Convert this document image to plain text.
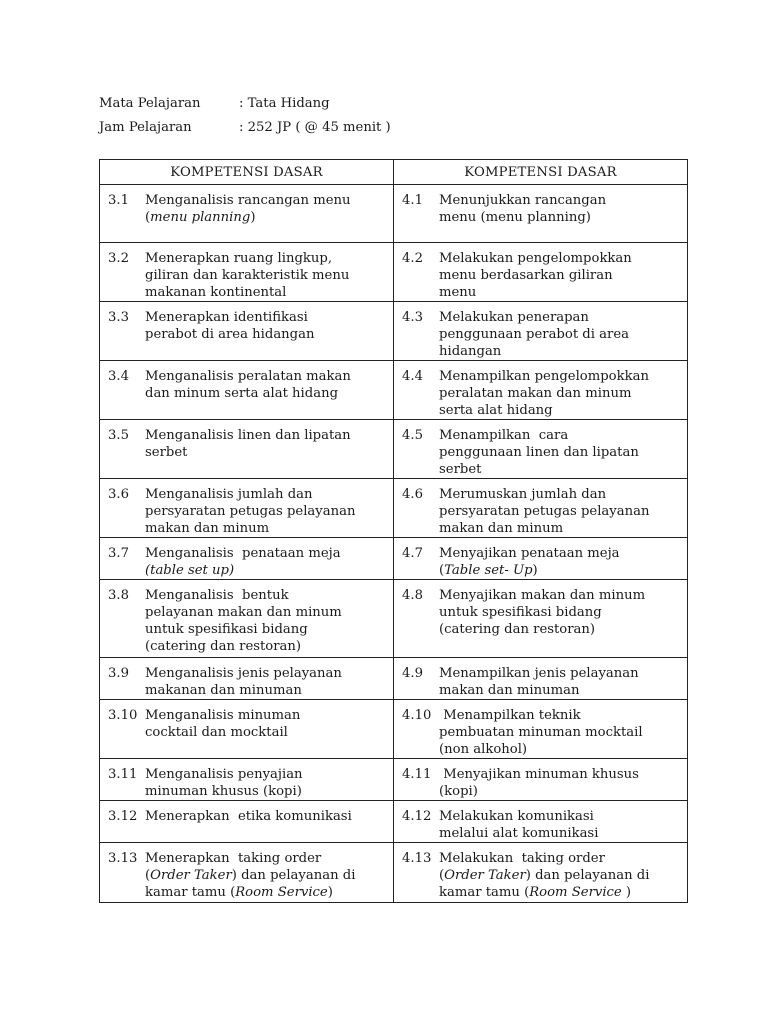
Mata Pelajaran	: Tata Hidang
Jam Pelajaran	: 252 JP ( @ 45 menit )
KOMPETENSI DASAR	KOMPETENSI DASAR

3.1 Menganalisis rancangan menu
(menu planning)	4.1 Menunjukkan rancangan
menu (menu planning)

3.2 Menerapkan ruang lingkup,
giliran dan karakteristik menu
makanan kontinental	4.2 Melakukan pengelompokkan
menu berdasarkan giliran
menu

3.3 Menerapkan identifikasi
perabot di area hidangan	4.3 Melakukan penerapan
penggunaan perabot di area
hidangan

3.4 Menganalisis peralatan makan
dan minum serta alat hidang	4.4 Menampilkan pengelompokkan
peralatan makan dan minum
serta alat hidang

3.5 Menganalisis linen dan lipatan
serbet	4.5 Menampilkan  cara
penggunaan linen dan lipatan
serbet

3.6 Menganalisis jumlah dan
persyaratan petugas pelayanan
makan dan minum	4.6 Merumuskan jumlah dan
persyaratan petugas pelayanan
makan dan minum

3.7 Menganalisis  penataan meja
(table set up)	4.7 Menyajikan penataan meja
(Table set- Up)

3.8 Menganalisis  bentuk
pelayanan makan dan minum
untuk spesifikasi bidang
(catering dan restoran)	4.8 Menyajikan makan dan minum
untuk spesifikasi bidang
(catering dan restoran)

3.9 Menganalisis jenis pelayanan
makanan dan minuman	4.9 Menampilkan jenis pelayanan
makan dan minuman

3.10 Menganalisis minuman
cocktail dan mocktail	4.10 Menampilkan teknik
pembuatan minuman mocktail
(non alkohol)

3.11 Menganalisis penyajian
minuman khusus (kopi)	4.11 Menyajikan minuman khusus
(kopi)

3.12 Menerapkan  etika komunikasi	4.12 Melakukan komunikasi
melalui alat komunikasi

3.13 Menerapkan  taking order
(Order Taker) dan pelayanan di
kamar tamu (Room Service)	4.13 Melakukan  taking order
(Order Taker) dan pelayanan di
kamar tamu (Room Service )
